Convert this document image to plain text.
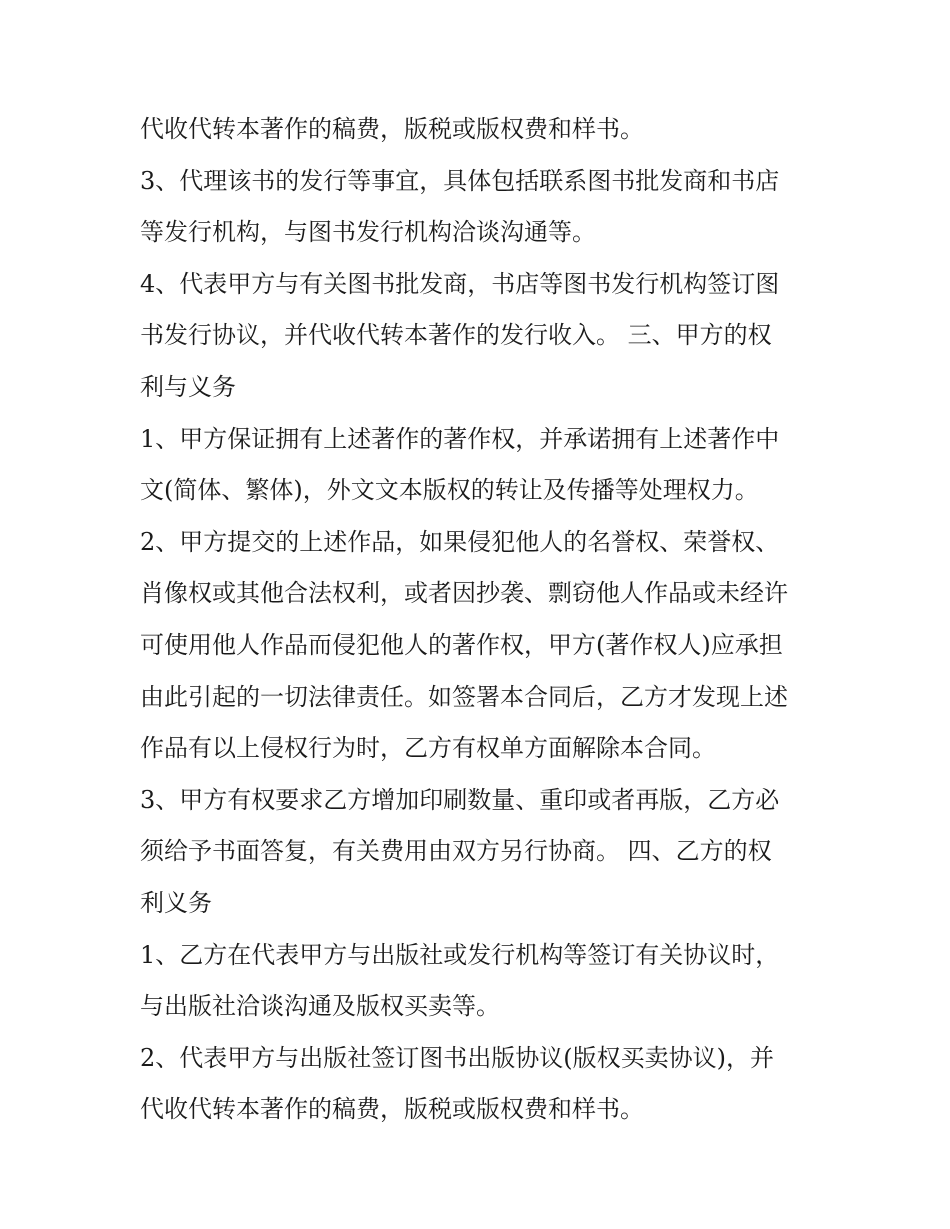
代收代转本著作的稿费，版税或版权费和样书。
3、代理该书的发行等事宜，具体包括联系图书批发商和书店
等发行机构，与图书发行机构洽谈沟通等。
4、代表甲方与有关图书批发商，书店等图书发行机构签订图
书发行协议，并代收代转本著作的发行收入。 三、甲方的权
利与义务
1、甲方保证拥有上述著作的著作权，并承诺拥有上述著作中
文(简体、繁体)，外文文本版权的转让及传播等处理权力。
2、甲方提交的上述作品，如果侵犯他人的名誉权、荣誉权、
肖像权或其他合法权利，或者因抄袭、剽窃他人作品或未经许
可使用他人作品而侵犯他人的著作权，甲方(著作权人)应承担
由此引起的一切法律责任。如签署本合同后，乙方才发现上述
作品有以上侵权行为时，乙方有权单方面解除本合同。
3、甲方有权要求乙方增加印刷数量、重印或者再版，乙方必
须给予书面答复，有关费用由双方另行协商。 四、乙方的权
利义务
1、乙方在代表甲方与出版社或发行机构等签订有关协议时，
与出版社洽谈沟通及版权买卖等。
2、代表甲方与出版社签订图书出版协议(版权买卖协议)，并
代收代转本著作的稿费，版税或版权费和样书。
